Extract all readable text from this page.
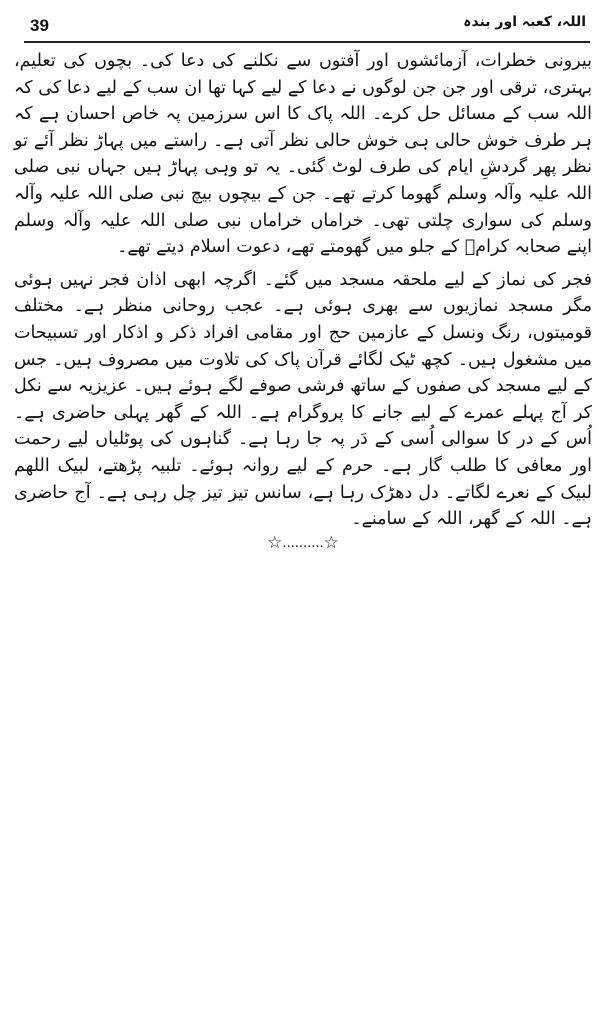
39	اللہ، کعبہ اور بندہ

بیرونی خطرات، آزمائشوں اور آفتوں سے نکلنے کی دعا کی۔ بچوں کی تعلیم، بہتری، ترقی اور جن جن لوگوں نے دعا کے لیے کہا تھا ان سب کے لیے دعا کی کہ اللہ سب کے مسائل حل کرے۔ اللہ پاک کا اس سرزمین پہ خاص احسان ہے کہ ہر طرف خوش حالی ہی خوش حالی نظر آتی ہے۔ راستے میں پہاڑ نظر آئے تو نظر پھر گردشِ ایام کی طرف لوٹ گئی۔ یہ تو وہی پہاڑ ہیں جہاں نبی صلی اللہ علیہ وآلہ وسلم گھوما کرتے تھے۔ جن کے بیچوں بیچ نبی صلی اللہ علیہ وآلہ وسلم کی سواری چلتی تھی۔ خراماں خراماں نبی صلی اللہ علیہ وآلہ وسلم اپنے صحابہ کرامؓ کے جلو میں گھومتے تھے، دعوت اسلام دیتے تھے۔

فجر کی نماز کے لیے ملحقہ مسجد میں گئے۔ اگرچہ ابھی اذان فجر نہیں ہوئی مگر مسجد نمازیوں سے بھری ہوئی ہے۔ عجب روحانی منظر ہے۔ مختلف قومیتوں، رنگ ونسل کے عازمین حج اور مقامی افراد ذکر و اذکار اور تسبیحات میں مشغول ہیں۔ کچھ ٹیک لگائے قرآن پاک کی تلاوت میں مصروف ہیں۔ جس کے لیے مسجد کی صفوں کے ساتھ فرشی صوفے لگے ہوئے ہیں۔ عزیزیہ سے نکل کر آج پہلے عمرے کے لیے جانے کا پروگرام ہے۔ اللہ کے گھر پہلی حاضری ہے۔ اُس کے در کا سوالی اُسی کے دَر پہ جا رہا ہے۔ گناہوں کی پوٹلیاں لیے رحمت اور معافی کا طلب گار ہے۔ حرم کے لیے روانہ ہوئے۔ تلبیہ پڑھتے، لبیک اللھم لبیک کے نعرے لگاتے۔ دل دھڑک رہا ہے، سانس تیز تیز چل رہی ہے۔ آج حاضری ہے۔ اللہ کے گھر، اللہ کے سامنے۔

☆..........☆
